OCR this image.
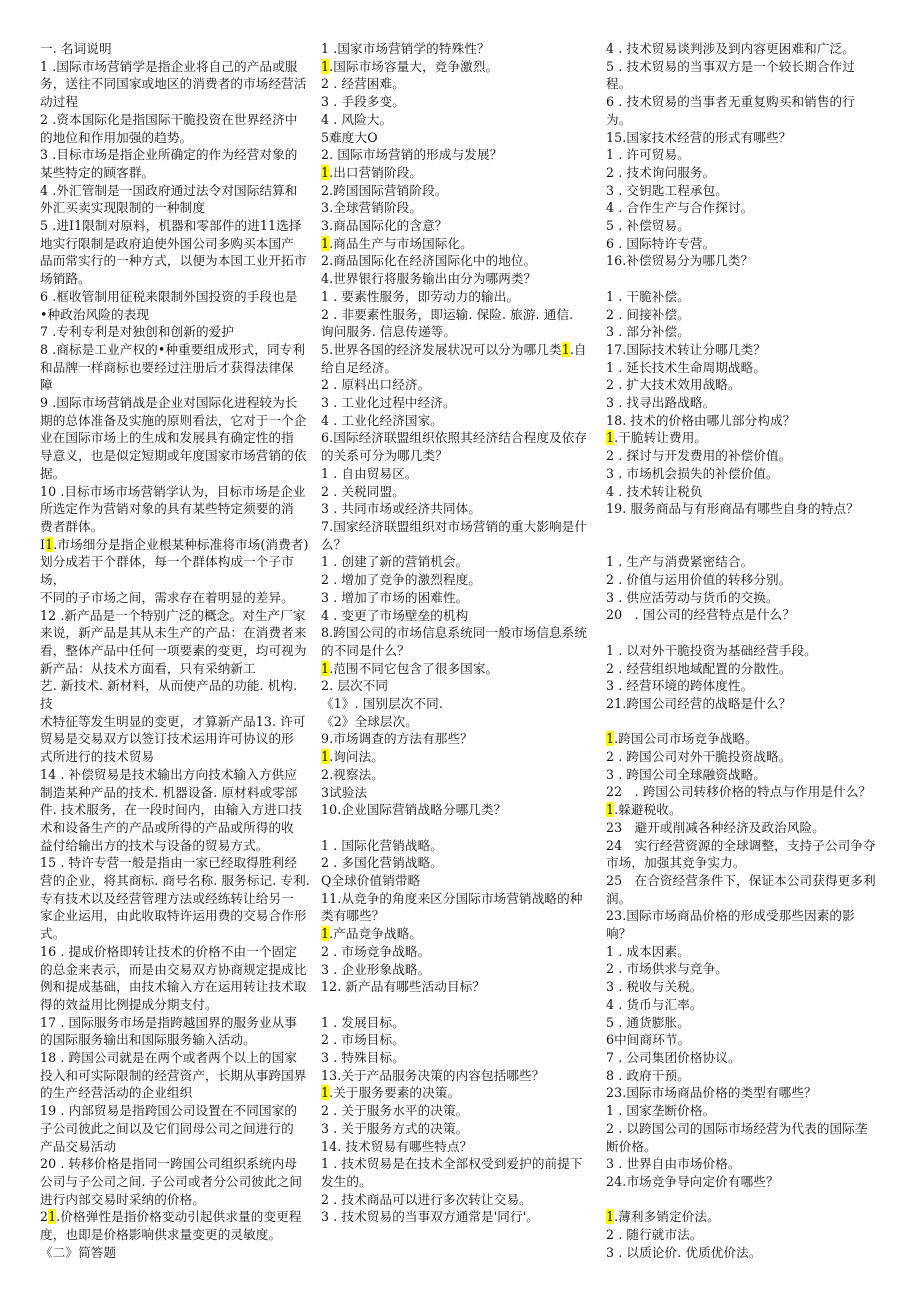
一. 名词说明
1 .国际市场营销学是指企业将自己的产品或服
务，送往不同国家或地区的消费者的市场经营活
动过程
2 .资本国际化是指国际干脆投资在世界经济中
的地位和作用加强的趋势。
3 .目标市场是指企业所确定的作为经营对象的
某些特定的顾客群。
4 .外汇管制是一国政府通过法令对国际结算和
外汇买卖实现限制的一种制度
5 .进I1限制对原料，机器和零部件的进11选择
地实行限制是政府迫使外国公司多购买本国产
品而常实行的一种方式，以便为本国工业开拓市
场销路。
6 .框收管制用征税来限制外国投资的手段也是
•种政治风险的表现
7 .专利专利是对独创和创新的爱护
8 .商标是工业产权的•种重要组成形式，同专利
和品牌一样商标也要经过注册后才获得法律保
障
9 .国际市场营销战是企业对国际化进程较为长
期的总体准备及实施的原则看法，它对于一个企
业在国际市场上的生成和发展具有确定性的指
导意义，也是似定短期或年度国家市场营销的依
据。
10 .目标市场市场营销学认为，目标市场是企业
所选定作为营销对象的具有某些特定须要的消
费者群体。
I1.市场细分是指企业根某种标准将市场(消费者)
划分成若干个群体，每一个群体构成一个子市场，
不同的子市场之间，需求存在着明显的差异。
12 .新产品是一个特别广泛的概念。对生产厂家
来说，新产品是其从未生产的产品：在消费者来
看，整体产品中任何一项要素的变更，均可视为
新产品：从技术方面看，只有采纳新工
艺. 新技术. 新材料，从而使产品的功能. 机构. 技
术特征等发生明显的变更，才算新产品13. 许可
贸易是交易双方以签订技术运用许可协议的形
式所进行的技术贸易
14 . 补偿贸易是技术输出方向技术输入方供应
制造某种产品的技术. 机器设备. 原材料或零部
件. 技术服务，在一段时间内，由输入方进口技
术和设备生产的产品或所得的产品或所得的收
益付给输出方的技术与设备的贸易方式。
15 . 特许专营一般是指由一家已经取得胜利经
营的企业，将其商标. 商号名称. 服务标记. 专利.
专有技术以及经营管理方法或经练转让给另一
家企业运用，由此收取特许运用费的交易合作形
式。
16 . 提成价格即转让技术的价格不由一个固定
的总金来表示，而是由交易双方协商规定提成比
例和提成基础，由技术输入方在运用转让技术取
得的效益用比例提成分期支付。
17 . 国际服务市场是指跨越国界的服务业从事
的国际服务输出和国际服务输入活动。
18 . 跨国公司就是在两个或者两个以上的国家
投入和可实际限制的经营资产，长期从事跨国界
的生产经营活动的企业组织
19 . 内部贸易是指跨国公司设置在不同国家的
子公司彼此之间以及它们同母公司之间进行的
产品交易活动
20 . 转移价格是指同一跨国公司组织系统内母
公司与子公司之间. 子公司或者分公司彼此之间
进行内部交易时采纳的价格。
21.价格弹性是指价格变动引起供求量的变更程
度，也即是价格影响供求量变更的灵敏度。
《二》简答题
1 .国家市场营销学的特殊性？
1.国际市场容量大，竞争激烈。
2 . 经营困难。
3 . 手段多变。
4 . 风险大。
5难度大O
2. 国际市场营销的形成与发展？
1.出口营销阶段。
2.跨国国际营销阶段。
3.全球营销阶段。
3.商品国际化的含意？
1.商品生产与市场国际化。
2.商品国际化在经济国际化中的地位。
4.世界银行将服务输出由分为哪两类？
1 . 要素性服务，即劳动力的输出。
2 . 非要素性服务，即运输. 保险. 旅游. 通信.
询问服务. 信息传递等。
5.世界各国的经济发展状况可以分为哪几类1.自
给自足经济。
2 . 原料出口经济。
3 . 工业化过程中经济。
4 . 工业化经济国家。
6.国际经济联盟组织依照其经济结合程度及依存
的关系可分为哪几类？
1 . 自由贸易区。
2 . 关税同盟。
3 . 共同市场或经济共同体。
7.国家经济联盟组织对市场营销的重大影响是什
么？
1 . 创建了新的营销机会。
2 . 增加了竞争的激烈程度。
3 . 增加了市场的困难性。
4 . 变更了市场壁垒的机构
8.跨国公司的市场信息系统同一般市场信息系统
的不同是什么？
1.范围不同它包含了很多国家。
2. 层次不同
《1》. 国别层次不同.
《2》全球层次。
9.市场调查的方法有那些？
1.询问法。
2.视察法。
3试验法
10.企业国际营销战略分哪几类？
1 . 国际化营销战略。
2 . 多国化营销战略。
Q全球价值销带略
11.从竞争的角度来区分国际市场营销战略的种
类有哪些？
1.产品竞争战略。
2 . 市场竞争战略。
3 . 企业形象战略。
12. 新产品有哪些活动目标？
1 . 发展目标。
2 . 市场目标。
3 . 特殊目标。
13.关于产品服务决策的内容包括哪些？
1.关于服务要素的决策。
2 . 关于服务水平的决策。
3 . 关于服务方式的决策。
14. 技术贸易有哪些特点？
1 . 技术贸易是在技术全部权受到爱护的前提下
发生的。
2 . 技术商品可以进行多次转让交易。
3 . 技术贸易的当事双方通常是'同行'。
4 . 技术贸易谈判涉及到内容更困难和广泛。
5 . 技术贸易的当事双方是一个较长期合作过
程。
6 . 技术贸易的当事者无重复购买和销售的行
为。
15.国家技术经营的形式有哪些？
1 . 许可贸易。
2 . 技术询问服务。
3 . 交钥匙工程承包。
4 . 合作生产与合作探讨。
5 . 补偿贸易。
6 . 国际特许专营。
16.补偿贸易分为哪几类？
1 . 干脆补偿。
2 . 间接补偿。
3 . 部分补偿。
17.国际技术转让分哪几类？
1 . 延长技术生命周期战略。
2 . 扩大技术效用战略。
3 . 找寻出路战略。
18. 技术的价格由哪儿部分构成？
1.干脆转让费用。
2 . 探讨与开发费用的补偿价值。
3 . 市场机会损失的补偿价值。
4 . 技术转让税负
19. 服务商品与有形商品有哪些自身的特点？
1 . 生产与消费紧密结合。
2 . 价值与运用价值的转移分别。
3 . 供应活劳动与货币的交换。
20   . 国公司的经营特点是什么？
1 . 以对外干脆投资为基础经营手段。
2 . 经营组织地域配置的分散性。
3 . 经营环境的跨体度性。
21.跨国公司经营的战略是什么？
1.跨国公司市场竞争战略。
2 . 跨国公司对外干脆投资战略。
3 . 跨国公司全球融资战略。
22   . 跨国公司转移价格的特点与作用是什么？
1.躲避税收。
23   避开或削减各种经济及政治风险。
24   实行经营资源的全球调整，支持子公司争夺
市场，加强其竞争实力。
25   在合资经营条件下，保证本公司获得更多利
润。
23.国际市场商品价格的形成受那些因素的影
响？
1 . 成本因素。
2 . 市场供求与竞争。
3 . 税收与关税。
4 . 货币与汇率。
5 . 通货膨胀。
6中间商环节。
7 . 公司集团价格协议。
8 . 政府干预。
23.国际市场商品价格的类型有哪些？
1 . 国家垄断价格。
2 . 以跨国公司的国际市场经营为代表的国际垄
断价格。
3 . 世界自由市场价格。
24.市场竞争导向定价有哪些？
1.薄利多销定价法。
2 . 随行就市法。
3 . 以质论价. 优质优价法。
